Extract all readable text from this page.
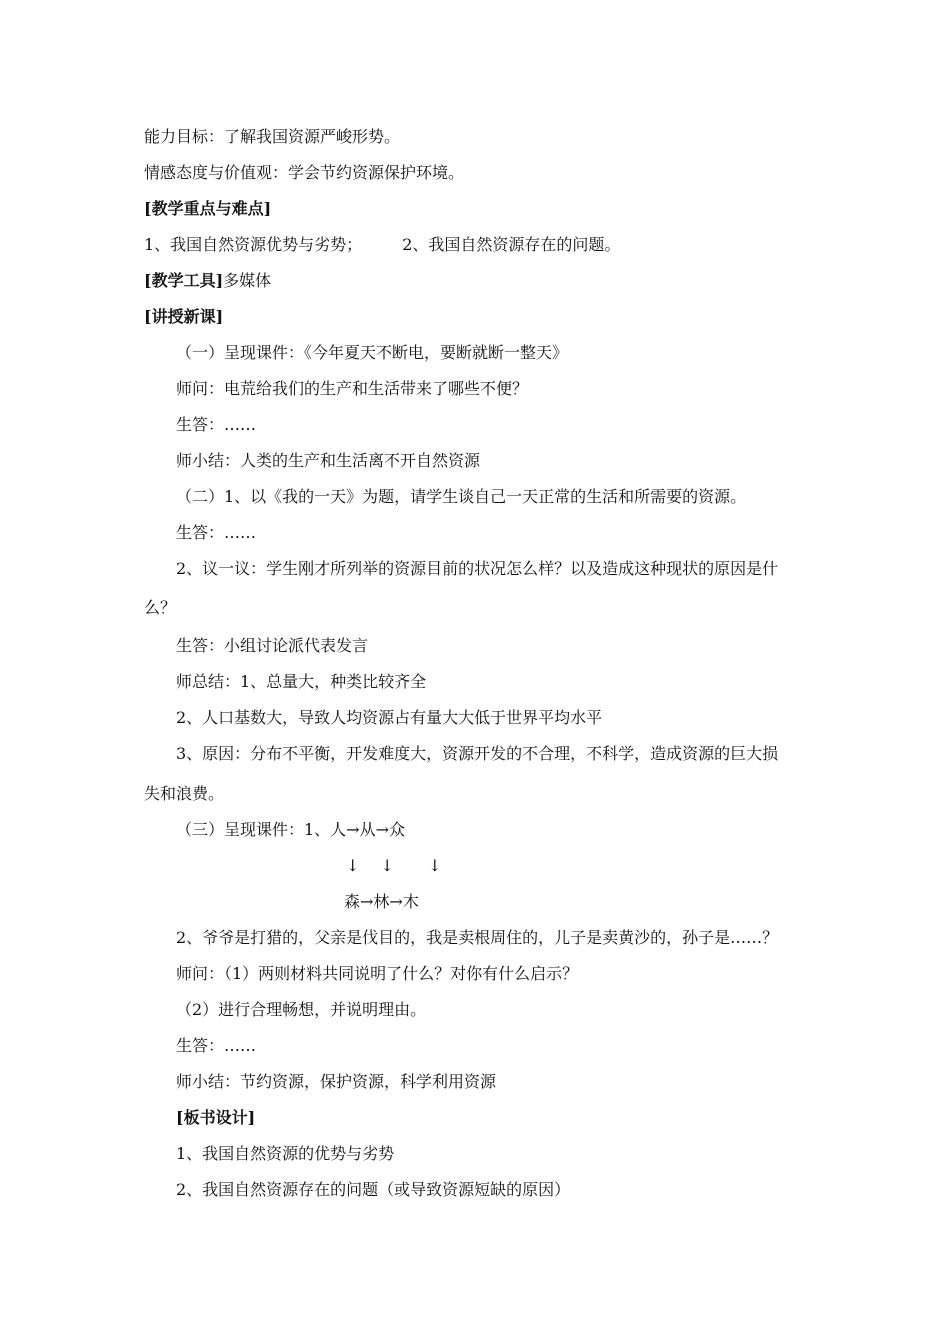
能力目标：了解我国资源严峻形势。
情感态度与价值观：学会节约资源保护环境。
[教学重点与难点]
1、我国自然资源优势与劣势；	2、我国自然资源存在的问题。
[教学工具]多媒体
[讲授新课]
（一）呈现课件：《今年夏天不断电，要断就断一整天》
师问：电荒给我们的生产和生活带来了哪些不便？
生答：……
师小结：人类的生产和生活离不开自然资源
（二）1、以《我的一天》为题，请学生谈自己一天正常的生活和所需要的资源。
生答：……
2、议一议：学生刚才所列举的资源目前的状况怎么样？以及造成这种现状的原因是什
么？
生答：小组讨论派代表发言
师总结：1、总量大，种类比较齐全
2、人口基数大，导致人均资源占有量大大低于世界平均水平
3、原因：分布不平衡，开发难度大，资源开发的不合理，不科学，造成资源的巨大损
失和浪费。
（三）呈现课件：1、人→从→众
↓ ↓  ↓
森→林→木
2、爷爷是打猎的，父亲是伐目的，我是卖根周住的，儿子是卖黄沙的，孙子是……？
师问：（1）两则材料共同说明了什么？对你有什么启示？
（2）进行合理畅想，并说明理由。
生答：……
师小结：节约资源，保护资源，科学利用资源
[板书设计]
1、我国自然资源的优势与劣势
2、我国自然资源存在的问题（或导致资源短缺的原因）
